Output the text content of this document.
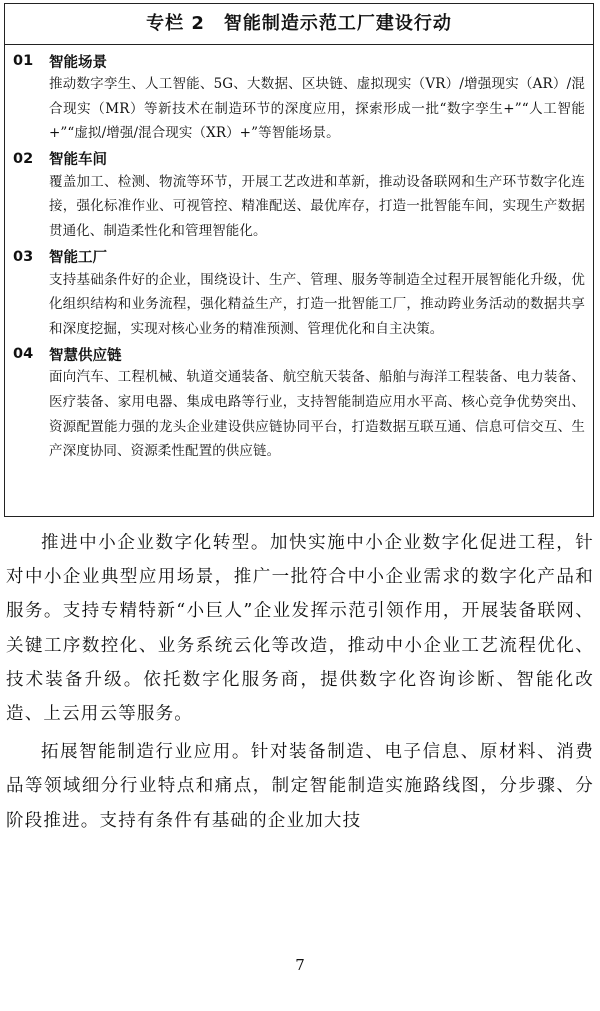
专栏 2　智能制造示范工厂建设行动
01	智能场景
推动数字孪生、人工智能、5G、大数据、区块链、虚拟现实（VR）/增强现实（AR）/混合现实（MR）等新技术在制造环节的深度应用，探索形成一批“数字孪生+”“人工智能+”“虚拟/增强/混合现实（XR）+”等智能场景。
02	智能车间
覆盖加工、检测、物流等环节，开展工艺改进和革新，推动设备联网和生产环节数字化连接，强化标准作业、可视管控、精准配送、最优库存，打造一批智能车间，实现生产数据贯通化、制造柔性化和管理智能化。
03	智能工厂
支持基础条件好的企业，围绕设计、生产、管理、服务等制造全过程开展智能化升级，优化组织结构和业务流程，强化精益生产，打造一批智能工厂，推动跨业务活动的数据共享和深度挖掘，实现对核心业务的精准预测、管理优化和自主决策。
04	智慧供应链
面向汽车、工程机械、轨道交通装备、航空航天装备、船舶与海洋工程装备、电力装备、医疗装备、家用电器、集成电路等行业，支持智能制造应用水平高、核心竞争优势突出、资源配置能力强的龙头企业建设供应链协同平台，打造数据互联互通、信息可信交互、生产深度协同、资源柔性配置的供应链。

推进中小企业数字化转型。加快实施中小企业数字化促进工程，针对中小企业典型应用场景，推广一批符合中小企业需求的数字化产品和服务。支持专精特新“小巨人”企业发挥示范引领作用，开展装备联网、关键工序数控化、业务系统云化等改造，推动中小企业工艺流程优化、技术装备升级。依托数字化服务商，提供数字化咨询诊断、智能化改造、上云用云等服务。

拓展智能制造行业应用。针对装备制造、电子信息、原材料、消费品等领域细分行业特点和痛点，制定智能制造实施路线图，分步骤、分阶段推进。支持有条件有基础的企业加大技

7
